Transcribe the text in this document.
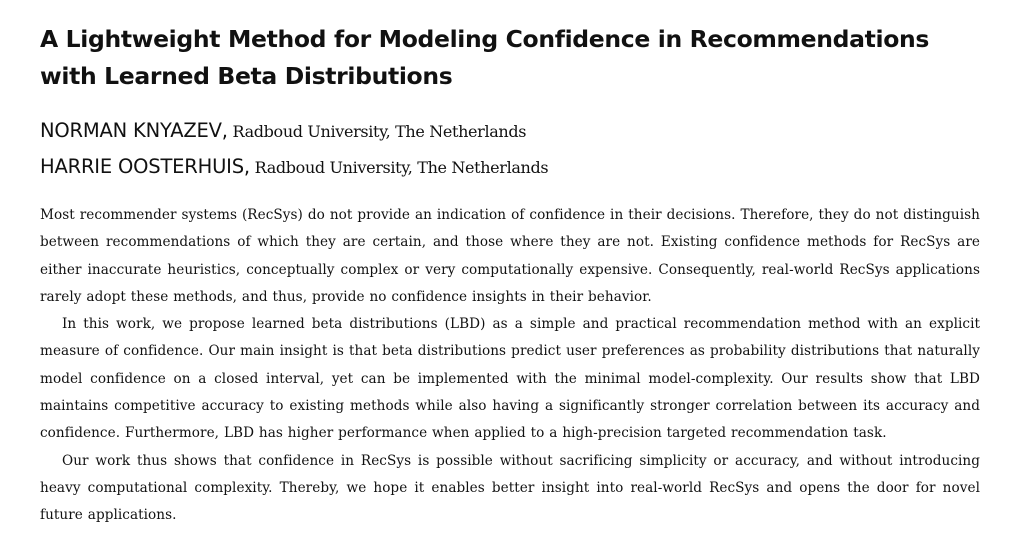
A Lightweight Method for Modeling Confidence in Recommendations with Learned Beta Distributions
NORMAN KNYAZEV, Radboud University, The Netherlands
HARRIE OOSTERHUIS, Radboud University, The Netherlands

Most recommender systems (RecSys) do not provide an indication of confidence in their decisions. Therefore, they do not distinguish between recommendations of which they are certain, and those where they are not. Existing confidence methods for RecSys are either inaccurate heuristics, conceptually complex or very computationally expensive. Consequently, real-world RecSys applications rarely adopt these methods, and thus, provide no confidence insights in their behavior.

In this work, we propose learned beta distributions (LBD) as a simple and practical recommendation method with an explicit measure of confidence. Our main insight is that beta distributions predict user preferences as probability distributions that naturally model confidence on a closed interval, yet can be implemented with the minimal model-complexity. Our results show that LBD maintains competitive accuracy to existing methods while also having a significantly stronger correlation between its accuracy and confidence. Furthermore, LBD has higher performance when applied to a high-precision targeted recommendation task.

Our work thus shows that confidence in RecSys is possible without sacrificing simplicity or accuracy, and without introducing heavy computational complexity. Thereby, we hope it enables better insight into real-world RecSys and opens the door for novel future applications.
